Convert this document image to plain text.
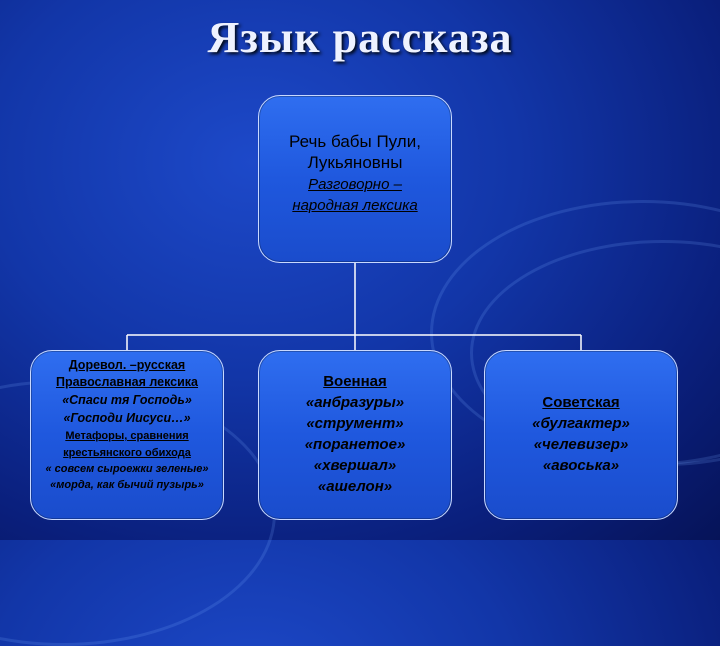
Язык рассказа
Речь бабы Пули,
Лукьяновны
Разговорно –
народная лексика
Доревол. –русская
Православная лексика
«Спаси тя Господь»
«Господи Иисуси…»
Метафоры, сравнения
крестьянского обихода
« совсем сыроежки зеленые»
«морда, как бычий пузырь»
Военная
«анбразуры»
«струмент»
«поранетое»
«хвершал»
«ашелон»
Советская
«булгактер»
«челевизер»
«авоська»
